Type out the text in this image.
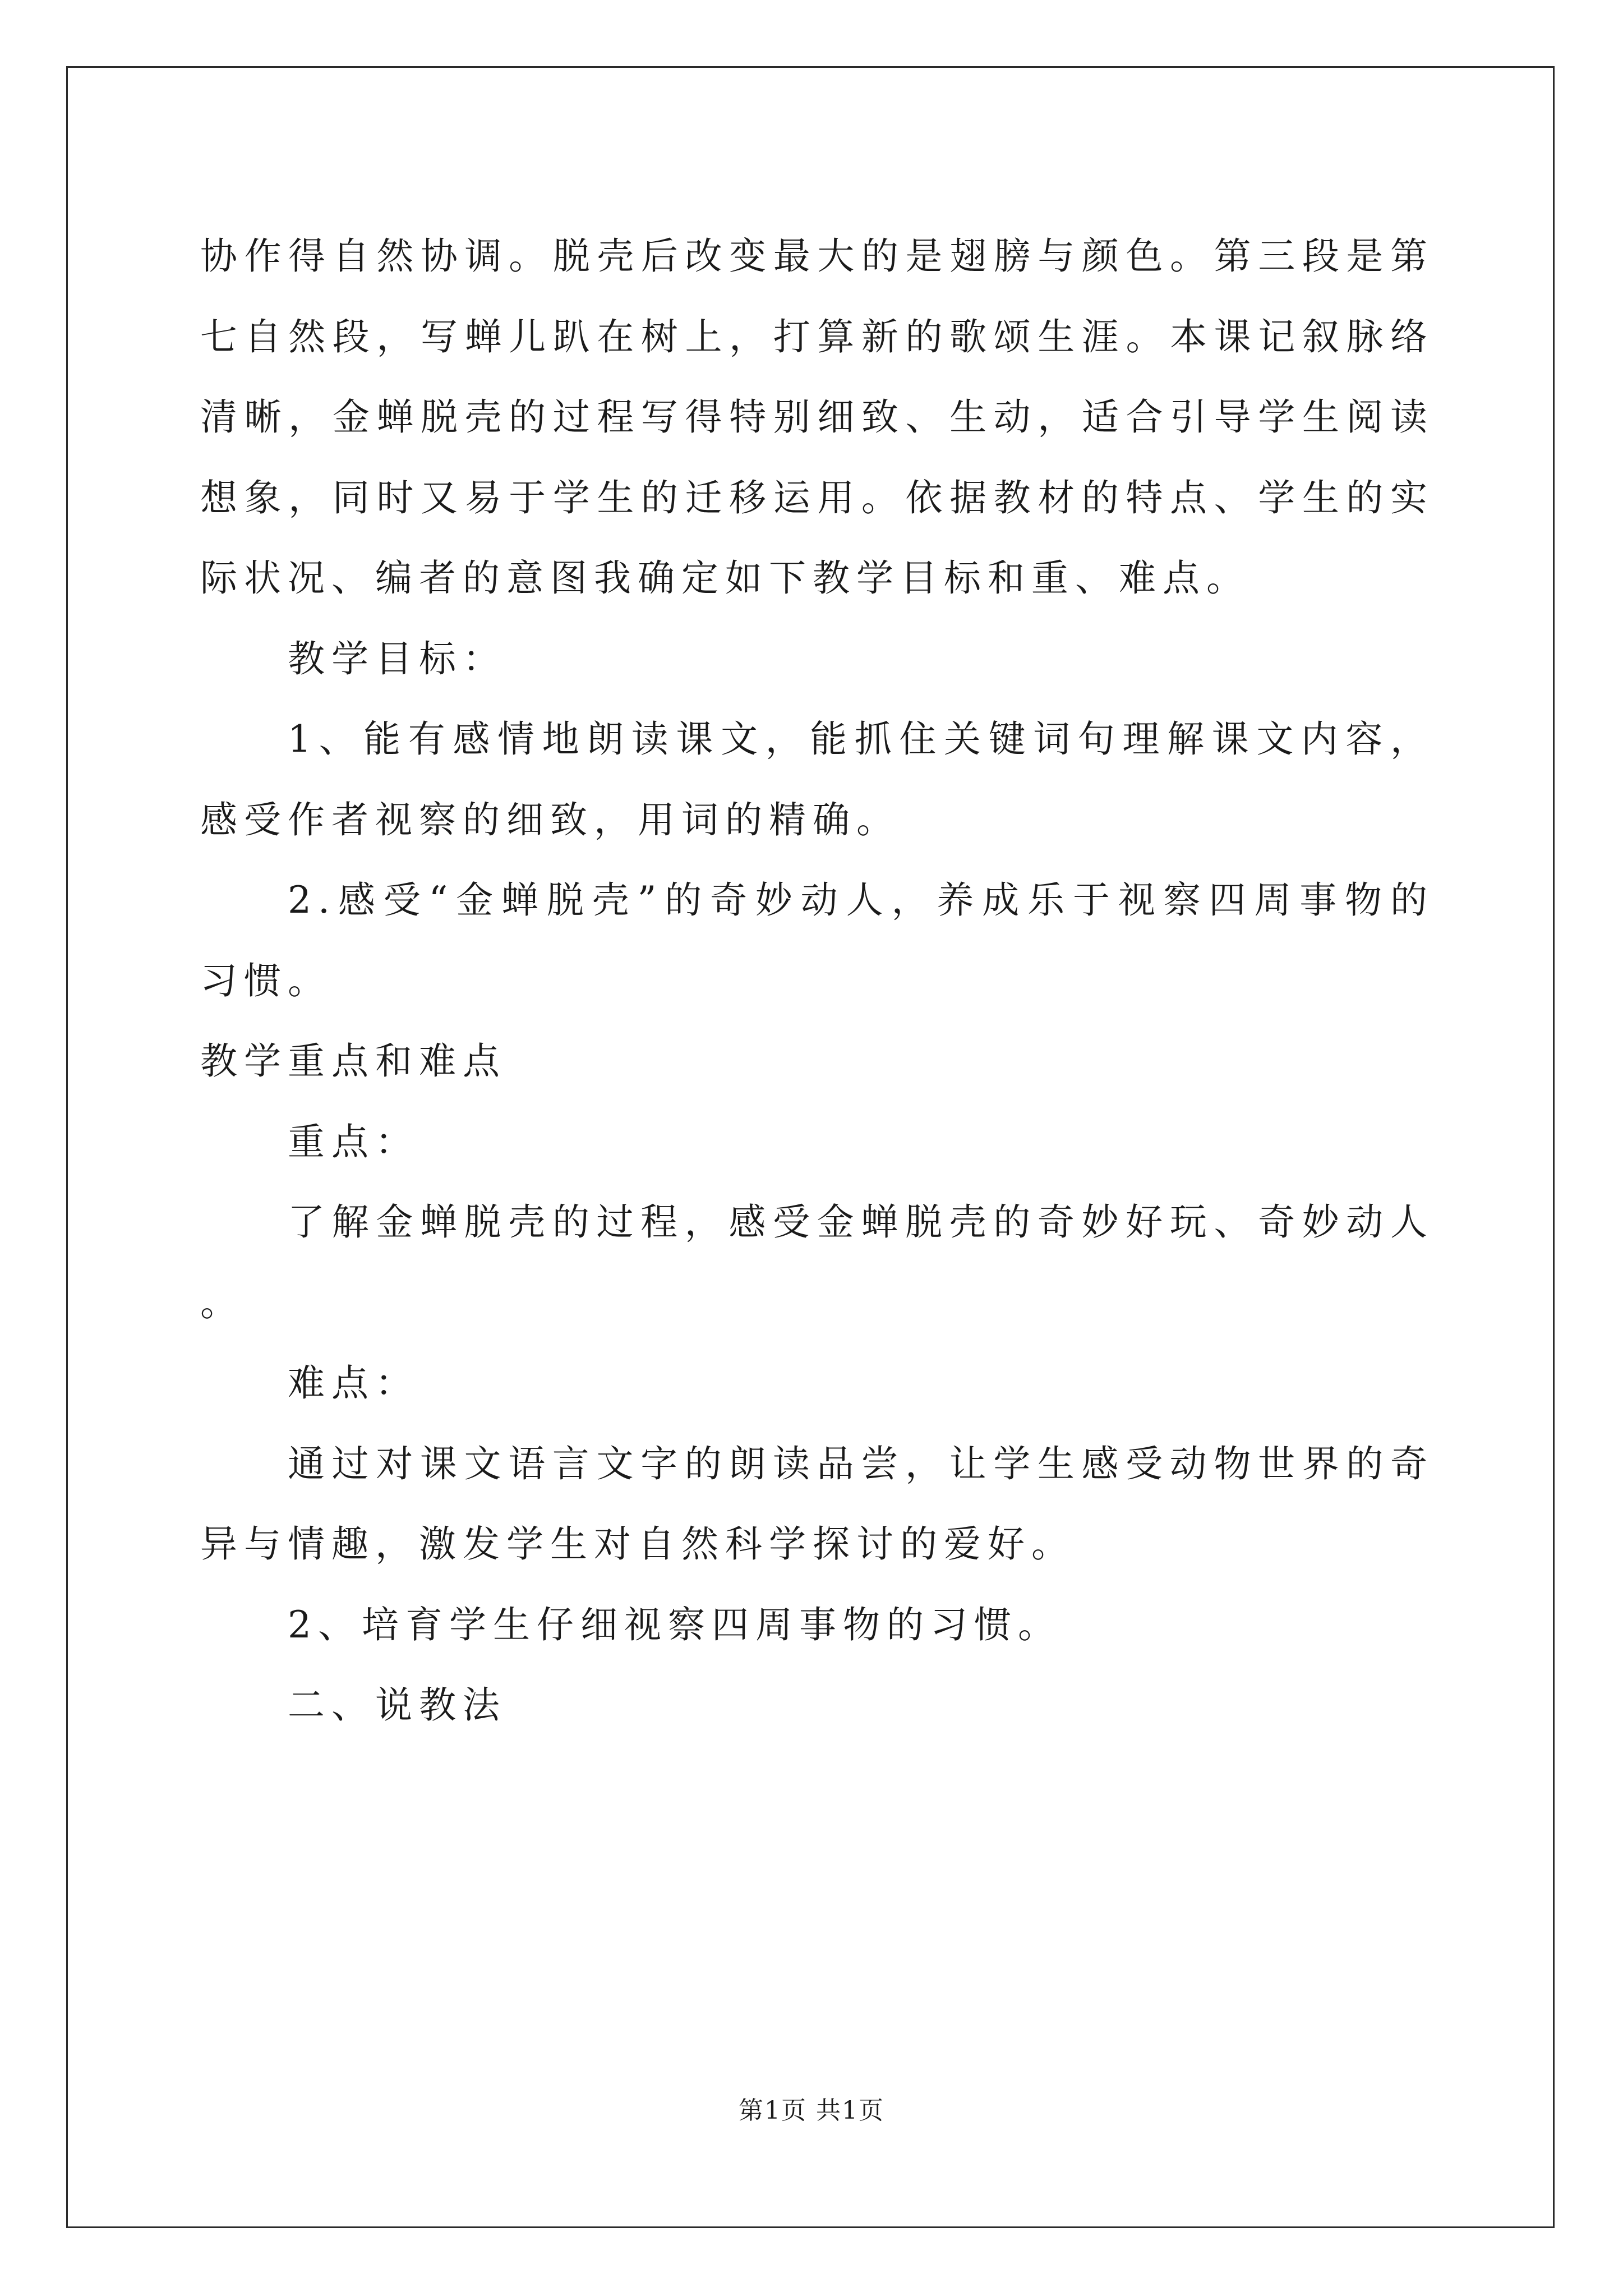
协作得自然协调。脱壳后改变最大的是翅膀与颜色。第三段是第七自然段，写蝉儿趴在树上，打算新的歌颂生涯。本课记叙脉络清晰，金蝉脱壳的过程写得特别细致、生动，适合引导学生阅读想象，同时又易于学生的迁移运用。依据教材的特点、学生的实际状况、编者的意图我确定如下教学目标和重、难点。

教学目标：

1、能有感情地朗读课文，能抓住关键词句理解课文内容，感受作者视察的细致，用词的精确。

2.感受“金蝉脱壳”的奇妙动人，养成乐于视察四周事物的习惯。

教学重点和难点

重点：

了解金蝉脱壳的过程，感受金蝉脱壳的奇妙好玩、奇妙动人 。

难点：

通过对课文语言文字的朗读品尝，让学生感受动物世界的奇异与情趣，激发学生对自然科学探讨的爱好。

2、培育学生仔细视察四周事物的习惯。

二、说教法

第1页 共1页
